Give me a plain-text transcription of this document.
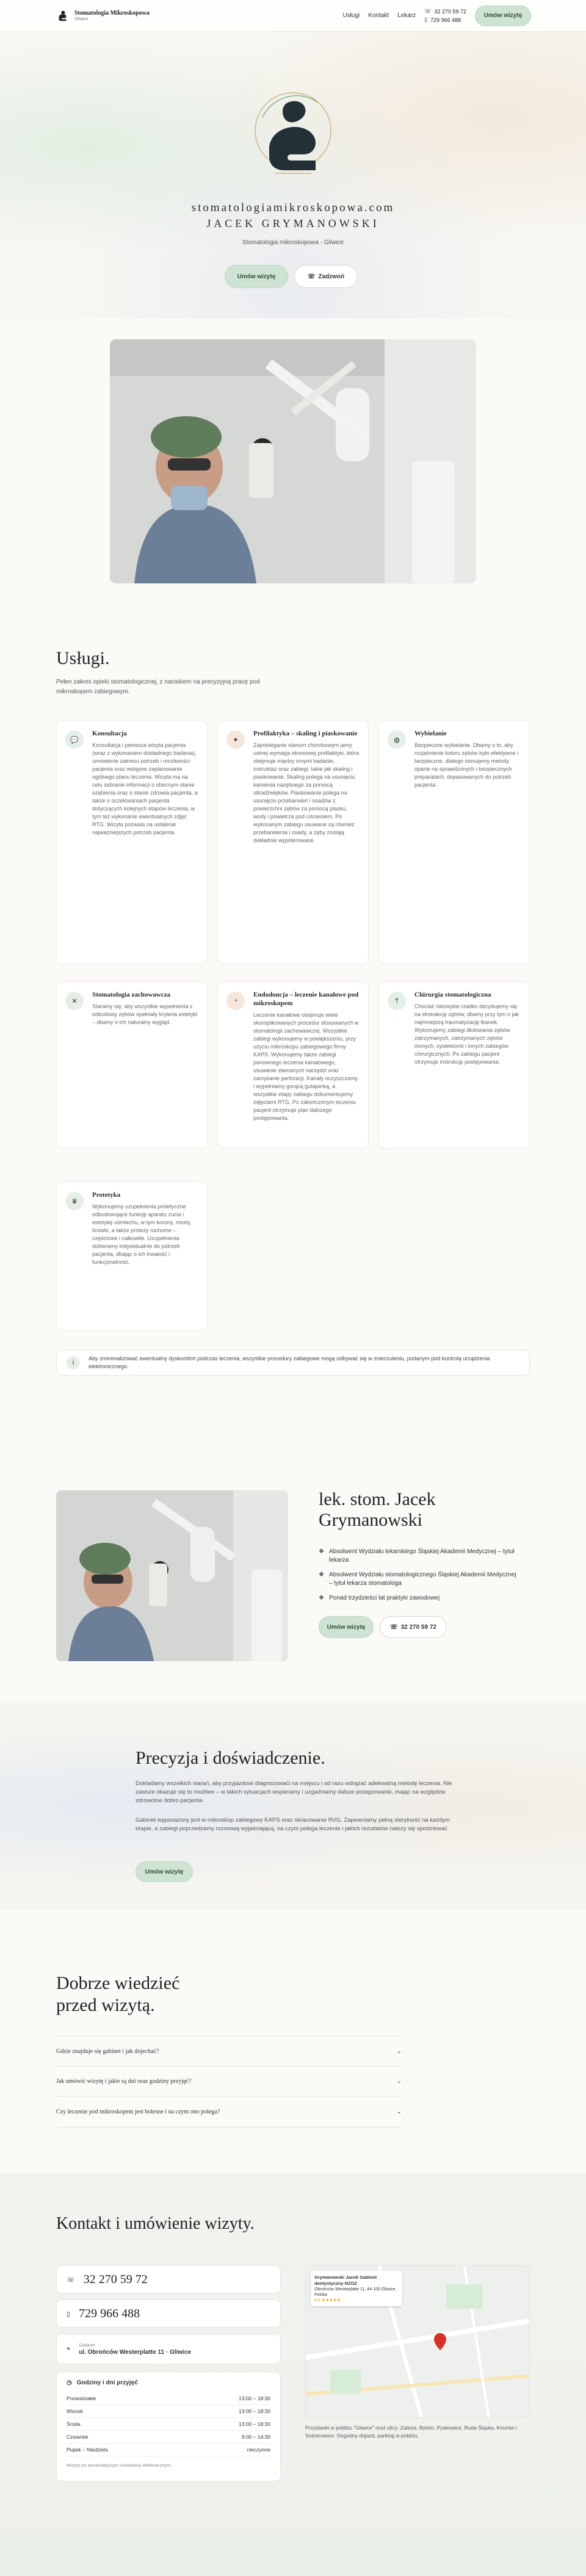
Stomatologia Mikroskopowa
Gliwice
Usługi Kontakt Lekarz
☏ 32 270 59 72
▯ 729 966 488
Umów wizytę
stomatologiamikroskopowa.com
JACEK GRYMANOWSKI
Stomatologia mikroskopowa · Gliwice
Umów wizytę	☏ Zadzwoń
Usługi.
Pełen zakres opieki stomatologicznej, z naciskiem na precyzyjną pracę pod mikroskopem zabiegowym.
💬
Konsultacja
Konsultacja i pierwsza wizyta pacjenta (wraz z wykonaniem dokładnego badania), umówienie zakresu potrzeb i możliwości pacjenta oraz wstępne zaplanowanie ogólnego planu leczenia. Wizyta ma na celu zebranie informacji o obecnym stanie uzębienia oraz o stanie zdrowia pacjenta, a także o oczekiwaniach pacjenta dotyczących kolejnych etapów leczenia, w tym też wykonanie ewentualnych zdjęć RTG. Wizyta pozwala na ustalenie najważniejszych potrzeb pacjenta.
✦
Profilaktyka – skaling i piaskowanie
Zapobieganie stanom chorobowym jamy ustnej wymaga okresowej profilaktyki, która obejmuje między innymi badanie, instruktaż oraz zabiegi, takie jak skaling i piaskowanie. Skaling polega na usunięciu kamienia nazębnego za pomocą ultradźwięków. Piaskowanie polega na usunięciu przebarwień i osadów z powierzchni zębów za pomocą piasku, wody i powietrza pod ciśnieniem. Po wykonanym zabiegu usuwane są również przebarwienia i osady, a zęby zostają dokładnie wypolerowane.
◍
Wybielanie
Bezpieczne wybielanie. Dbamy o to, aby rozjaśnienie koloru zębów było efektywne i bezpieczne, dlatego stosujemy metody oparte na sprawdzonych i bezpiecznych preparatach, dopasowanych do potrzeb pacjenta.
✕
Stomatologia zachowawcza
Staramy się, aby wszystkie wypełnienia z odbudowy zębów spełniały kryteria estetyki – dbamy o ich naturalny wygląd.
◔
Endodoncja – leczenie kanałowe pod mikroskopem
Leczenie kanałowe obejmuje wiele skomplikowanych procedur stosowanych w stomatologii zachowawczej. Wszystkie zabiegi wykonujemy w powiększeniu, przy użyciu mikroskopu zabiegowego firmy KAPS. Wykonujemy także zabiegi ponownego leczenia kanałowego, usuwanie złamanych narzędzi oraz zamykanie perforacji. Kanały oczyszczamy i wypełniamy gorącą gutaperką, a wszystkie etapy zabiegu dokumentujemy zdjęciami RTG. Po zakończonym leczeniu pacjent otrzymuje plan dalszego postępowania.
†
Chirurgia stomatologiczna
Chociaż niezwykle rzadko decydujemy się na ekstrakcję zębów, dbamy przy tym o jak najmniejszą traumatyzację tkanek. Wykonujemy zabiegi dłutowania zębów zatrzymanych, zatrzymanych zębów ósmych, cystektomii i innych zabiegów chirurgicznych. Po zabiegu pacjent otrzymuje instrukcję postępowania.
♛
Protetyka
Wykonujemy uzupełnienia protetyczne odbudowujące funkcję aparatu żucia i estetykę uśmiechu, w tym korony, mosty, licówki, a także protezy ruchome – częściowe i całkowite. Uzupełnienia dobieramy indywidualnie do potrzeb pacjenta, dbając o ich trwałość i funkcjonalność.
i
Aby zminimalizować ewentualny dyskomfort podczas leczenia, wszystkie procedury zabiegowe mogą odbywać się w znieczuleniu, podanym pod kontrolą urządzenia elektronicznego.
lek. stom. Jacek Grymanowski
❖ Absolwent Wydziału lekarskiego Śląskiej Akademii Medycznej – tytuł lekarza
❖ Absolwent Wydziału stomatologicznego Śląskiej Akademii Medycznej – tytuł lekarza stomatologa
❖ Ponad trzydzieści lat praktyki zawodowej
Umów wizytę	☏ 32 270 59 72
Precyzja i doświadczenie.
Doktadamy wszelkich starań, aby przyjazdowi diagnozowaći na miejscu i od razu wdrążać adekwatną metodę leczenia. Nie zawsze okazuje się to możliwe – w takich sytuacjach wspieramy i uzgadniamy dalsze postępowanie, mając na względzie zdrowotne dobro pacjenta.
Gabinet wyposażony jest w mikroskop zabiegowy KAPS oraz skracowanie RVG. Zapewniamy pełną sterylność na każdym etapie, a zabiegi poprzedzamy rozmową wyjaśniającą, na czym polega leczenie i jakich rezultatów należy się spodziewać.
Umów wizytę
Dobrze wiedzieć przed wizytą.
Gdzie znajduje się gabinet i jak dojechać?	⌄
Jak umówić wizytę i jakie są dni oraz godziny przyjęć?	⌄
Czy leczenie pod mikroskopem jest bolesne i na czym ono polega?	⌄
Kontakt i umówienie wizyty.
☏ 32 270 59 72
▯ 729 966 488
⌖ Gabinet
ul. Obrońców Westerplatte 11 · Gliwice
◷ Godziny i dni przyjęć
Poniedziałek	13:00 – 18:30
Wtorek	13:00 – 18:30
Środa	13:00 – 18:30
Czwartek	9:00 – 14:30
Piątek – Niedziela	nieczynne
Wizyty po wcześniejszym umówieniu telefonicznym.
Grymanowski Jacek Gabinet dentystyczny NZOZ
Obrońców Westerplatte 11, 44-100 Gliwice, Polska
4.6 ★★★★★
Przystanki w pobliżu "Gliwice" oraz ulicy: Zabrze, Bytom, Pyskowice, Ruda Śląska, Knurów i Sośnicowice. Dogodny dojazd, parking w pobliżu.
